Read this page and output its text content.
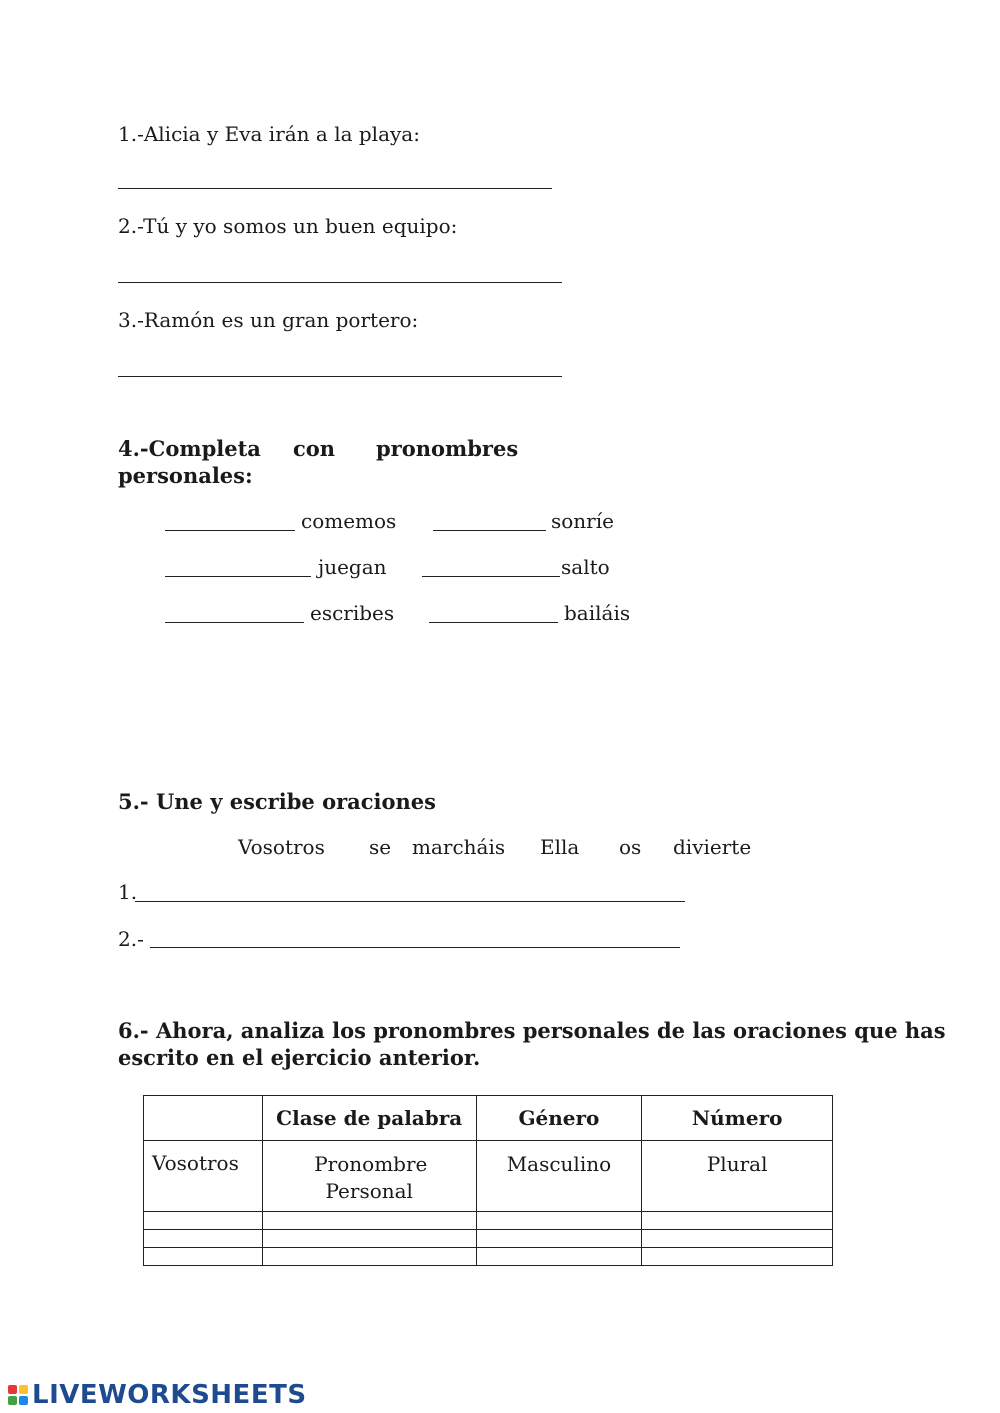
1.-Alicia y Eva irán a la playa:
2.-Tú y yo somos un buen equipo:
3.-Ramón es un gran portero:
4.-Completa con pronombres
personales:
comemos	sonríe
juegan	salto
escribes	bailáis
5.- Une y escribe oraciones
Vosotros se marcháis Ella os divierte
1.
2.-
6.- Ahora, analiza los pronombres personales de las oraciones que has
escrito en el ejercicio anterior.
	Clase de palabra	Género	Número
Vosotros	Pronombre Personal	Masculino	Plural

LIVEWORKSHEETS
